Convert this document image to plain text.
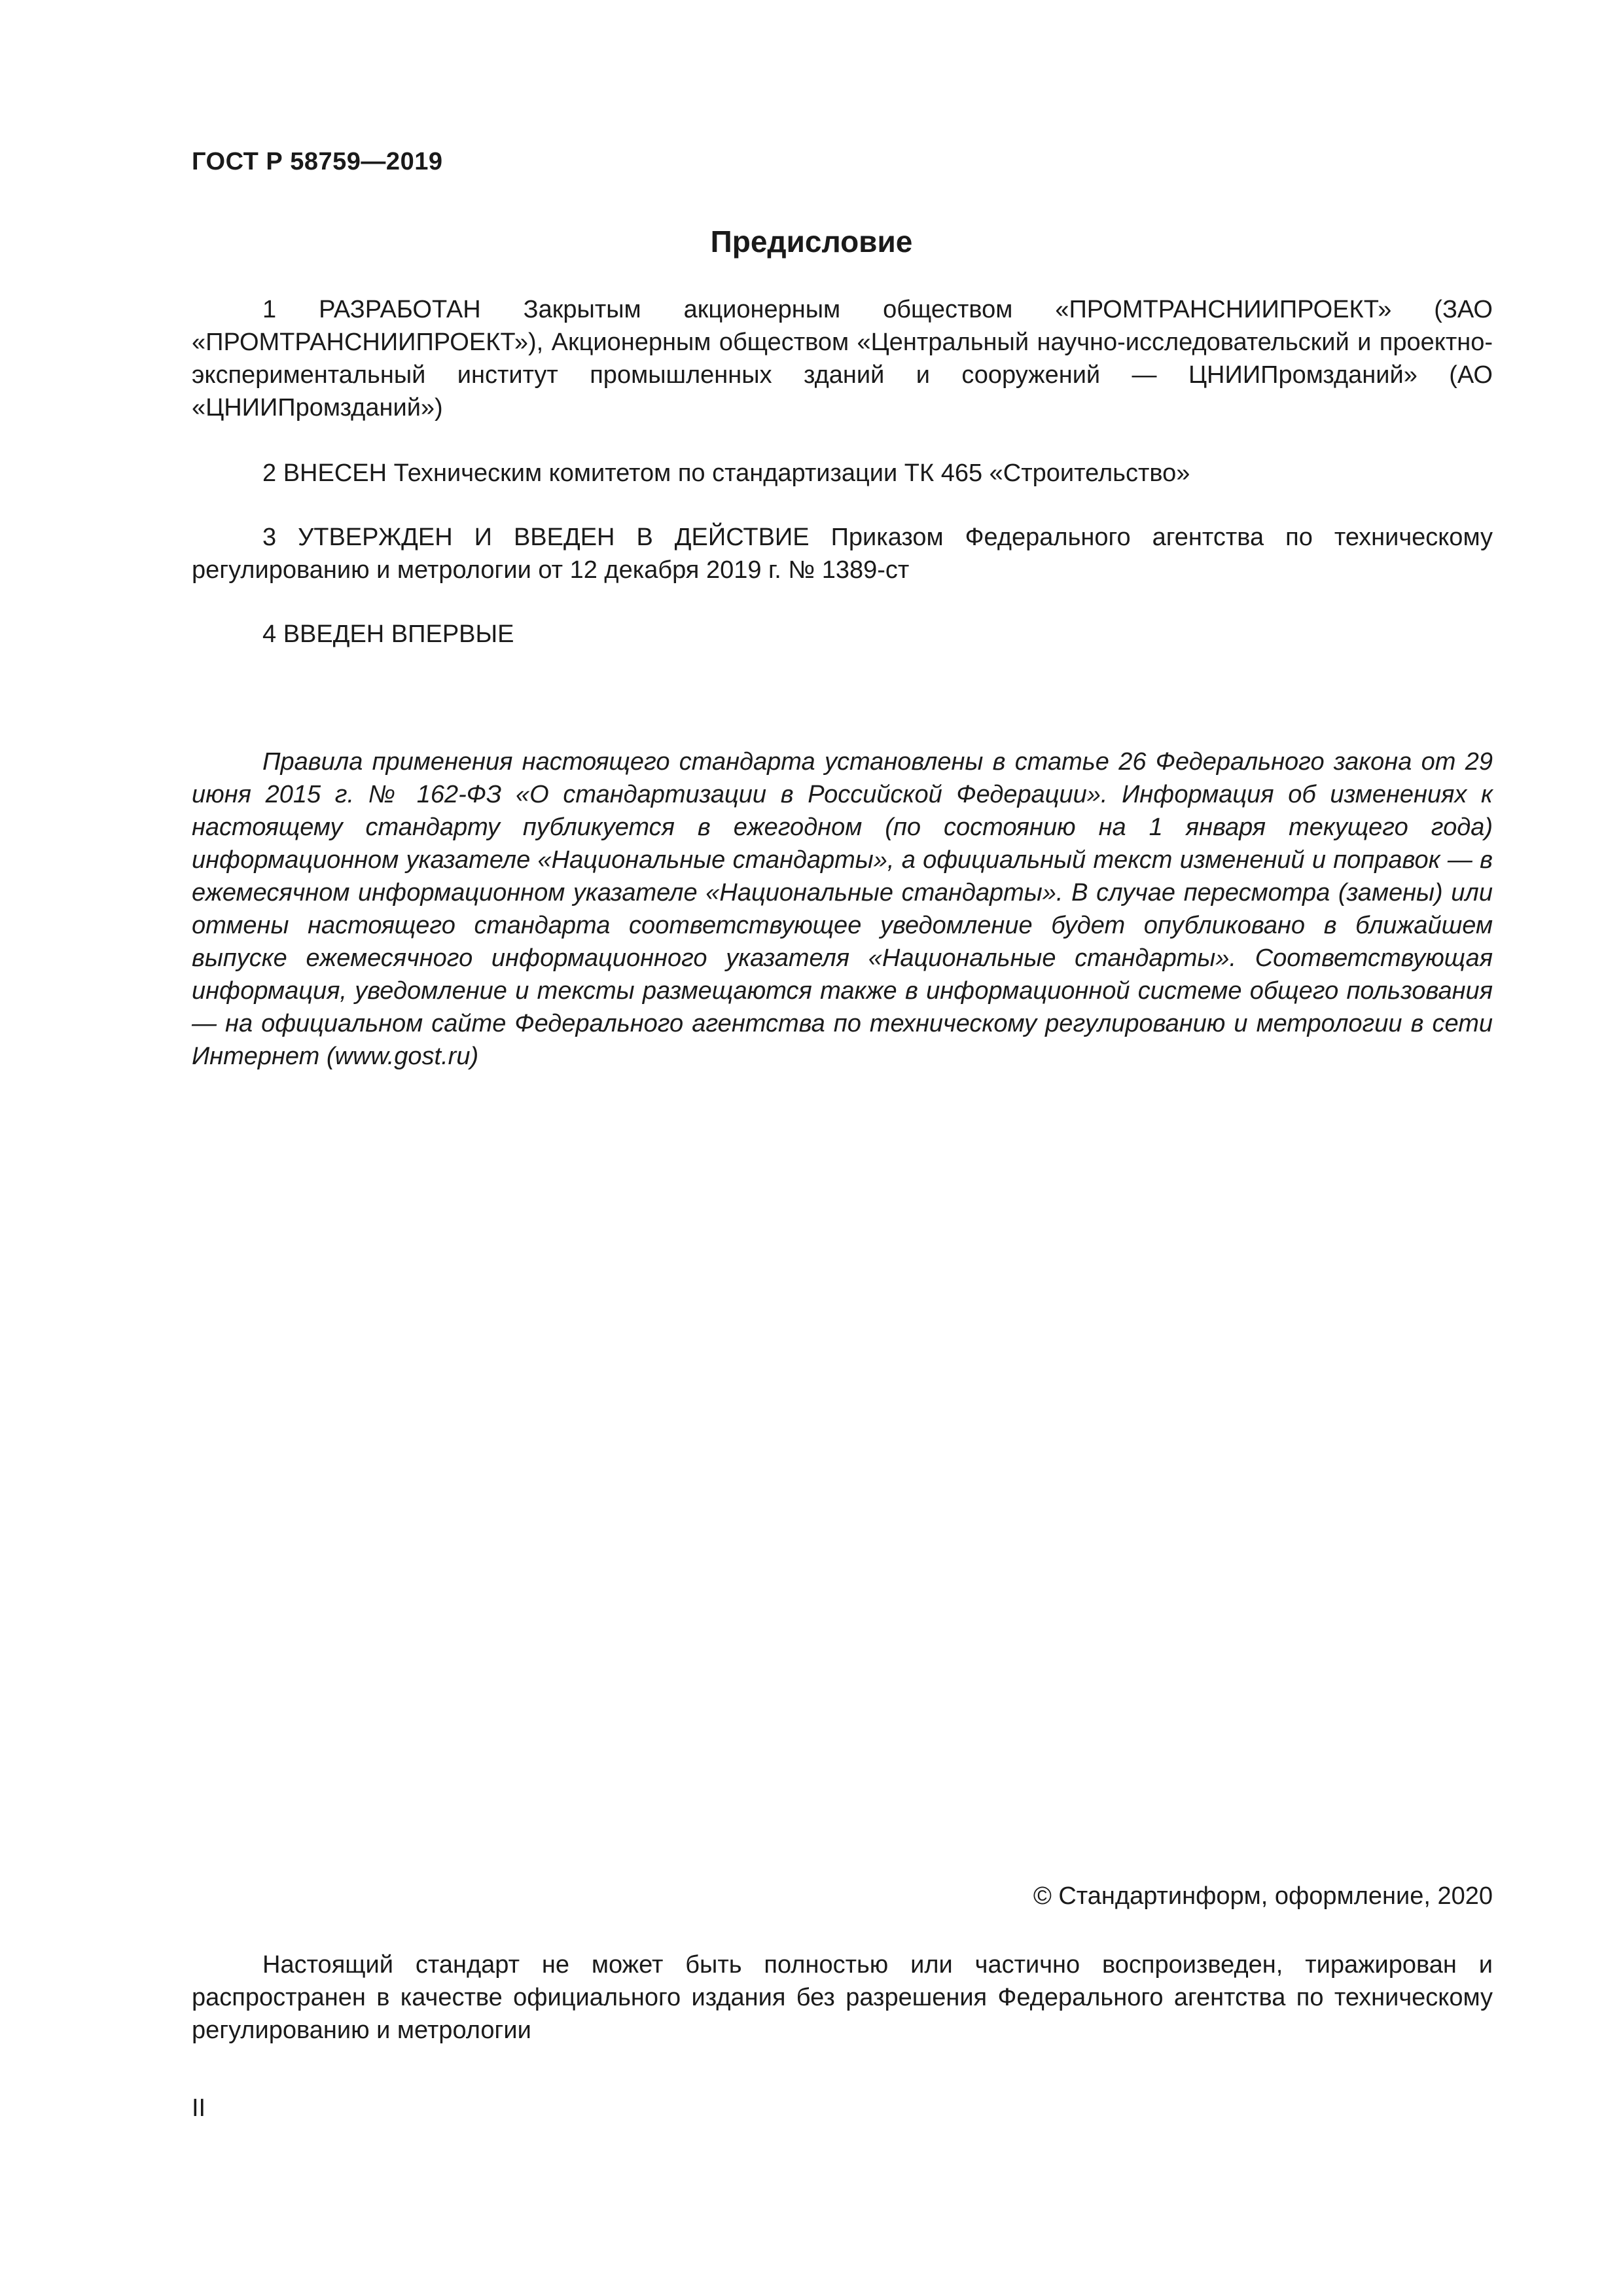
ГОСТ Р 58759—2019
Предисловие

1 РАЗРАБОТАН Закрытым акционерным обществом «ПРОМТРАНСНИИПРОЕКТ» (ЗАО «ПРОМТРАНСНИИПРОЕКТ»), Акционерным обществом «Центральный научно-исследовательский и проектно-экспериментальный институт промышленных зданий и сооружений — ЦНИИПромзданий» (АО «ЦНИИПромзданий»)

2 ВНЕСЕН Техническим комитетом по стандартизации ТК 465 «Строительство»

3 УТВЕРЖДЕН И ВВЕДЕН В ДЕЙСТВИЕ Приказом Федерального агентства по техническому регулированию и метрологии от 12 декабря 2019 г. № 1389-ст

4 ВВЕДЕН ВПЕРВЫЕ

Правила применения настоящего стандарта установлены в статье 26 Федерального закона от 29 июня 2015 г. № 162-ФЗ «О стандартизации в Российской Федерации». Информация об изменениях к настоящему стандарту публикуется в ежегодном (по состоянию на 1 января текущего года) информационном указателе «Национальные стандарты», а официальный текст изменений и поправок — в ежемесячном информационном указателе «Национальные стандарты». В случае пересмотра (замены) или отмены настоящего стандарта соответствующее уведомление будет опубликовано в ближайшем выпуске ежемесячного информационного указателя «Национальные стандарты». Соответствующая информация, уведомление и тексты размещаются также в информационной системе общего пользования — на официальном сайте Федерального агентства по техническому регулированию и метрологии в сети Интернет (www.gost.ru)

© Стандартинформ, оформление, 2020

Настоящий стандарт не может быть полностью или частично воспроизведен, тиражирован и распространен в качестве официального издания без разрешения Федерального агентства по техническому регулированию и метрологии

II
